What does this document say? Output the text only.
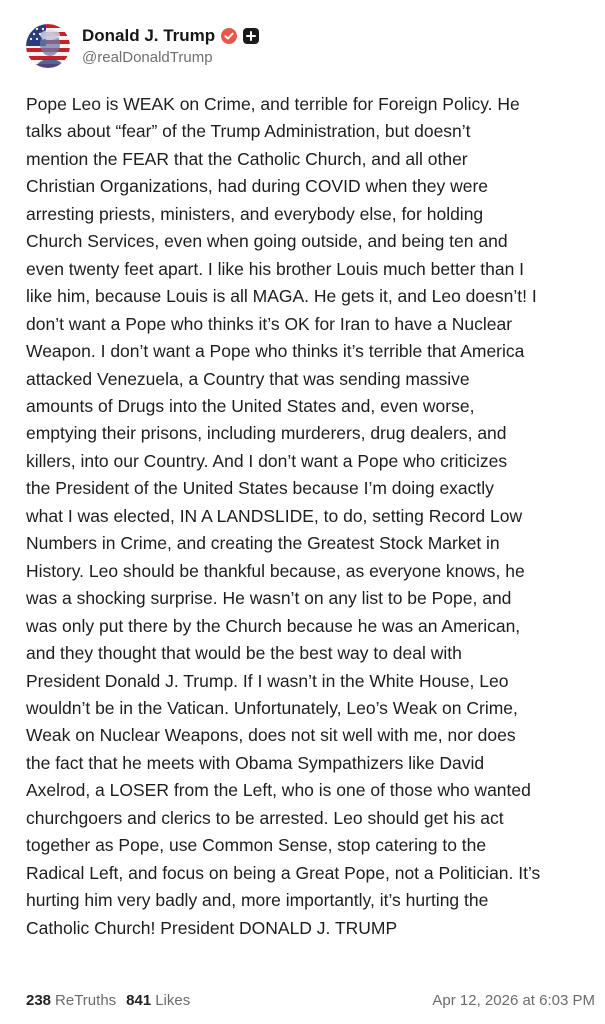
Donald J. Trump
@realDonaldTrump
Pope Leo is WEAK on Crime, and terrible for Foreign Policy. He
talks about “fear” of the Trump Administration, but doesn’t
mention the FEAR that the Catholic Church, and all other
Christian Organizations, had during COVID when they were
arresting priests, ministers, and everybody else, for holding
Church Services, even when going outside, and being ten and
even twenty feet apart. I like his brother Louis much better than I
like him, because Louis is all MAGA. He gets it, and Leo doesn’t! I
don’t want a Pope who thinks it’s OK for Iran to have a Nuclear
Weapon. I don’t want a Pope who thinks it’s terrible that America
attacked Venezuela, a Country that was sending massive
amounts of Drugs into the United States and, even worse,
emptying their prisons, including murderers, drug dealers, and
killers, into our Country. And I don’t want a Pope who criticizes
the President of the United States because I’m doing exactly
what I was elected, IN A LANDSLIDE, to do, setting Record Low
Numbers in Crime, and creating the Greatest Stock Market in
History. Leo should be thankful because, as everyone knows, he
was a shocking surprise. He wasn’t on any list to be Pope, and
was only put there by the Church because he was an American,
and they thought that would be the best way to deal with
President Donald J. Trump. If I wasn’t in the White House, Leo
wouldn’t be in the Vatican. Unfortunately, Leo’s Weak on Crime,
Weak on Nuclear Weapons, does not sit well with me, nor does
the fact that he meets with Obama Sympathizers like David
Axelrod, a LOSER from the Left, who is one of those who wanted
churchgoers and clerics to be arrested. Leo should get his act
together as Pope, use Common Sense, stop catering to the
Radical Left, and focus on being a Great Pope, not a Politician. It’s
hurting him very badly and, more importantly, it’s hurting the
Catholic Church! President DONALD J. TRUMP
238 ReTruths 841 Likes	Apr 12, 2026 at 6:03 PM
